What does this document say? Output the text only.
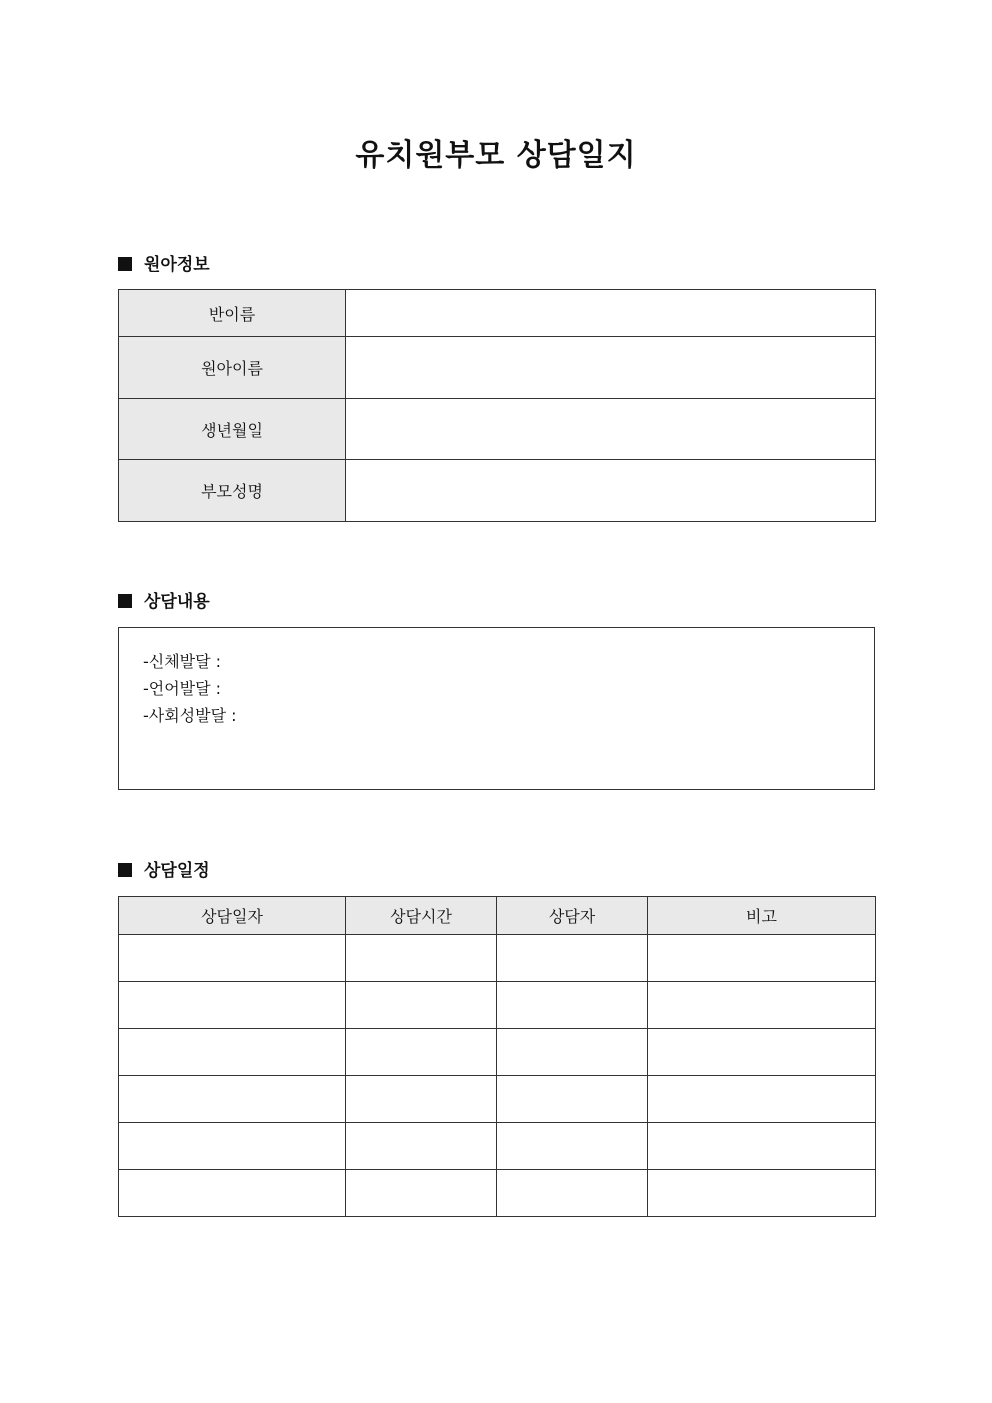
유치원부모 상담일지
원아정보
반이름	
원아이름	
생년월일	
부모성명	
상담내용
-신체발달 :
-언어발달 :
-사회성발달 :
상담일정
상담일자	상담시간	상담자	비고
